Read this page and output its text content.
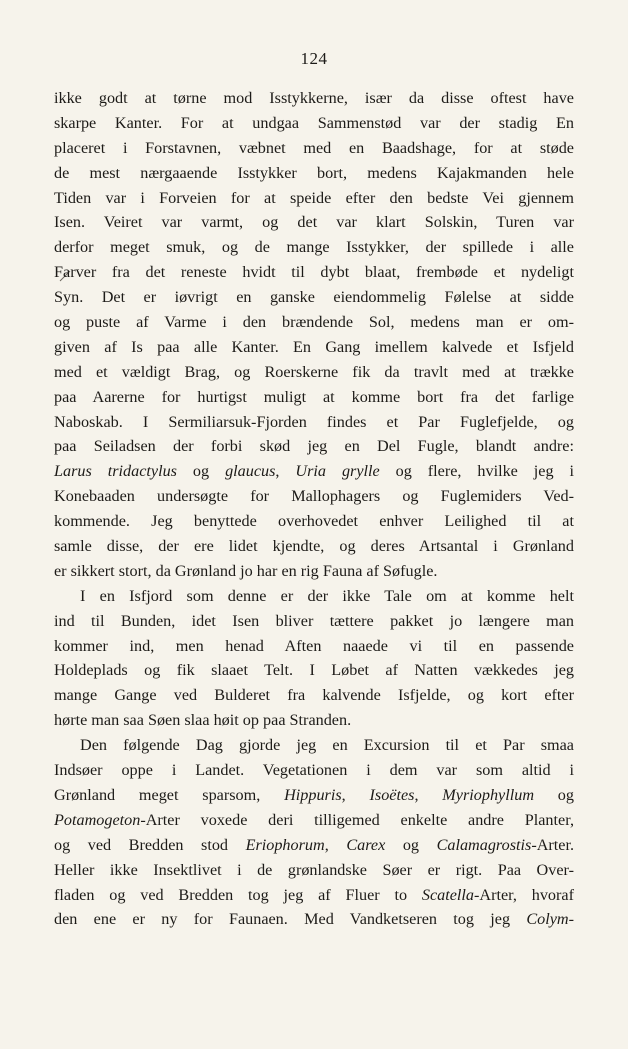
124
ikke godt at tørne mod Isstykkerne, især da disse oftest have
skarpe Kanter. For at undgaa Sammenstød var der stadig En
placeret i Forstavnen, væbnet med en Baadshage, for at støde
de mest nærgaaende Isstykker bort, medens Kajakmanden hele
Tiden var i Forveien for at speide efter den bedste Vei gjennem
Isen. Veiret var varmt, og det var klart Solskin, Turen var
derfor meget smuk, og de mange Isstykker, der spillede i alle
Farver fra det reneste hvidt til dybt blaat, frembøde et nydeligt
Syn. Det er iøvrigt en ganske eiendommelig Følelse at sidde
og puste af Varme i den brændende Sol, medens man er om-
given af Is paa alle Kanter. En Gang imellem kalvede et Isfjeld
med et vældigt Brag, og Roerskerne fik da travlt med at trække
paa Aarerne for hurtigst muligt at komme bort fra det farlige
Naboskab. I Sermiliarsuk-Fjorden findes et Par Fuglefjelde, og
paa Seiladsen der forbi skød jeg en Del Fugle, blandt andre:
Larus tridactylus og glaucus, Uria grylle og flere, hvilke jeg i
Konebaaden undersøgte for Mallophagers og Fuglemiders Ved-
kommende. Jeg benyttede overhovedet enhver Leilighed til at
samle disse, der ere lidet kjendte, og deres Artsantal i Grønland
er sikkert stort, da Grønland jo har en rig Fauna af Søfugle.
I en Isfjord som denne er der ikke Tale om at komme helt
ind til Bunden, idet Isen bliver tættere pakket jo længere man
kommer ind, men henad Aften naaede vi til en passende
Holdeplads og fik slaaet Telt. I Løbet af Natten vækkedes jeg
mange Gange ved Bulderet fra kalvende Isfjelde, og kort efter
hørte man saa Søen slaa høit op paa Stranden.
Den følgende Dag gjorde jeg en Excursion til et Par smaa
Indsøer oppe i Landet. Vegetationen i dem var som altid i
Grønland meget sparsom, Hippuris, Isoëtes, Myriophyllum og
Potamogeton-Arter voxede deri tilligemed enkelte andre Planter,
og ved Bredden stod Eriophorum, Carex og Calamagrostis-Arter.
Heller ikke Insektlivet i de grønlandske Søer er rigt. Paa Over-
fladen og ved Bredden tog jeg af Fluer to Scatella-Arter, hvoraf
den ene er ny for Faunaen. Med Vandketseren tog jeg Colym-
